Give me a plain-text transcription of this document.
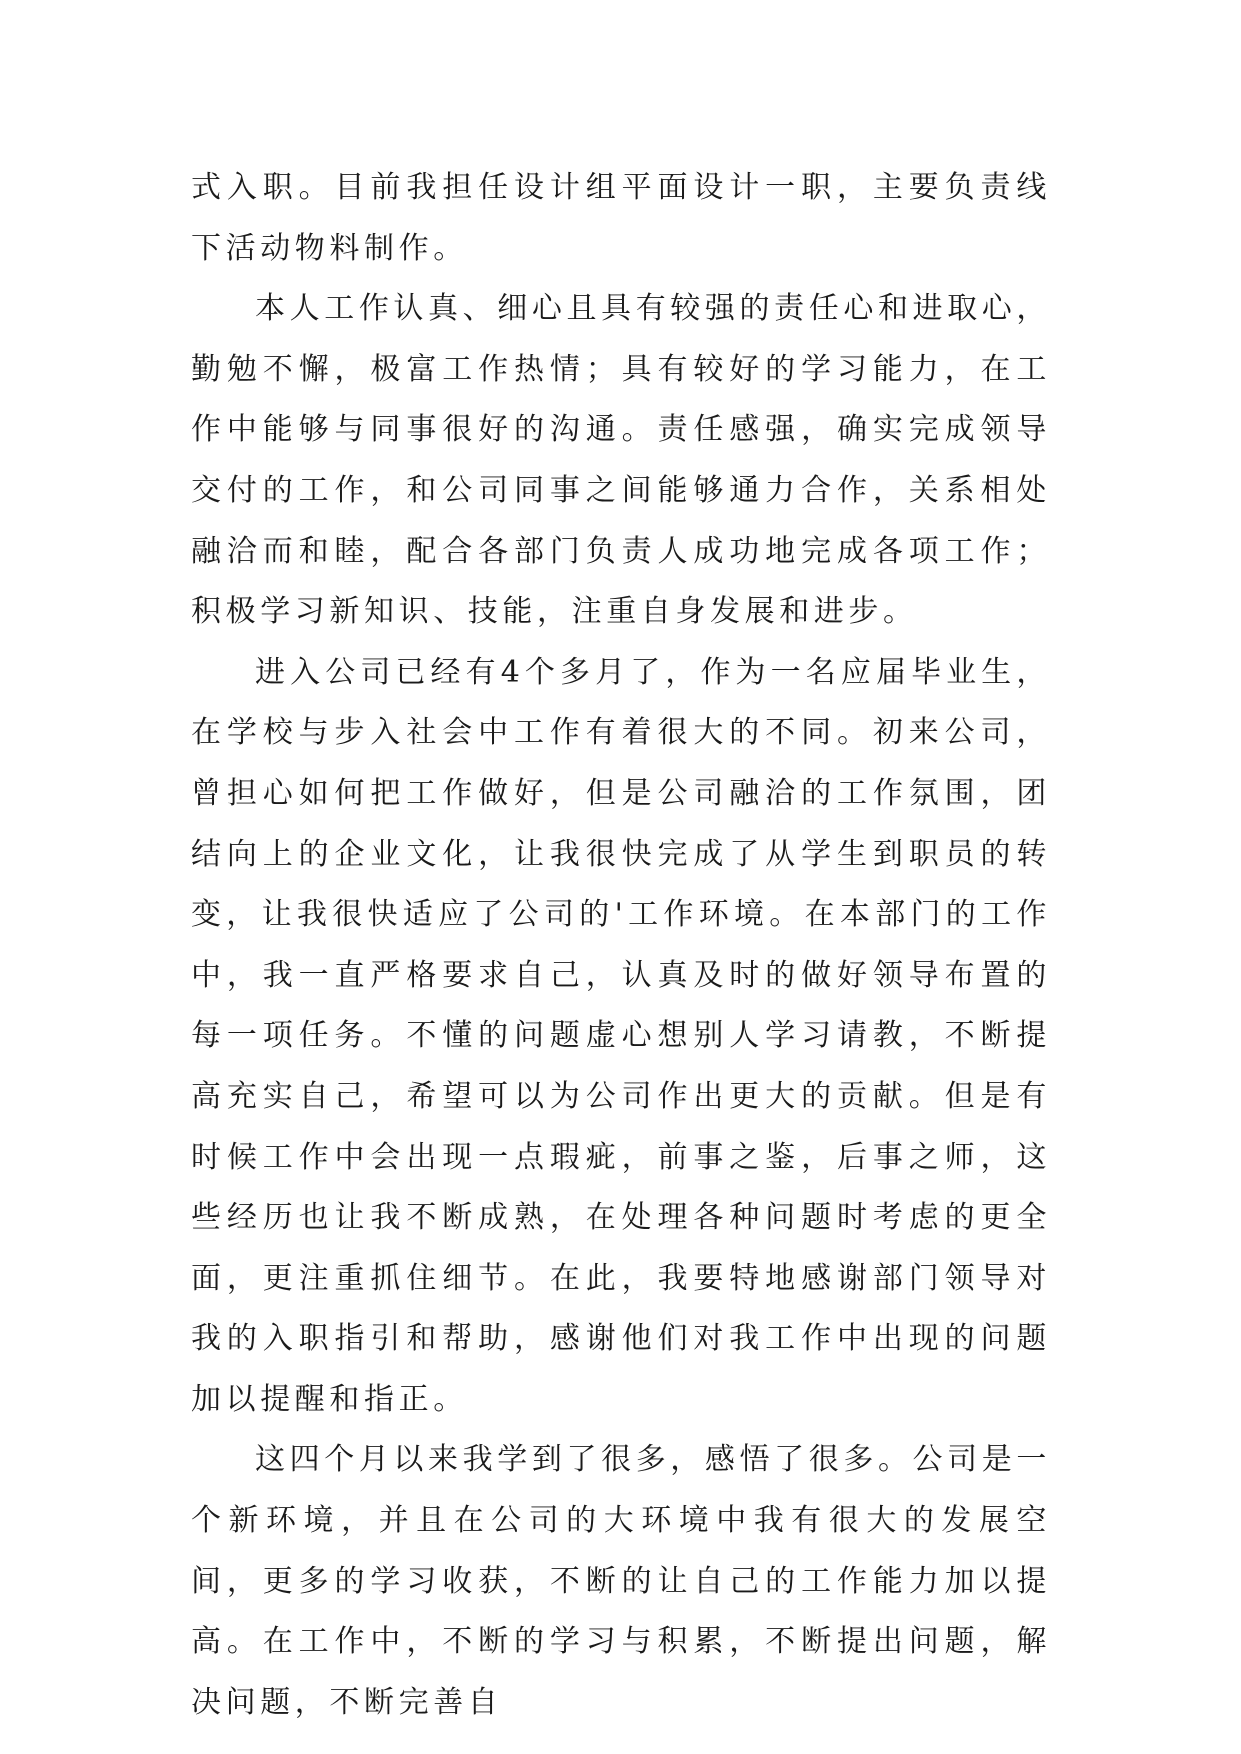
式入职。目前我担任设计组平面设计一职，主要负责线下活动物料制作。

本人工作认真、细心且具有较强的责任心和进取心，勤勉不懈，极富工作热情；具有较好的学习能力，在工作中能够与同事很好的沟通。责任感强，确实完成领导交付的工作，和公司同事之间能够通力合作，关系相处融洽而和睦，配合各部门负责人成功地完成各项工作；积极学习新知识、技能，注重自身发展和进步。

进入公司已经有4个多月了，作为一名应届毕业生，在学校与步入社会中工作有着很大的不同。初来公司，曾担心如何把工作做好，但是公司融洽的工作氛围，团结向上的企业文化，让我很快完成了从学生到职员的转变，让我很快适应了公司的'工作环境。在本部门的工作中，我一直严格要求自己，认真及时的做好领导布置的每一项任务。不懂的问题虚心想别人学习请教，不断提高充实自己，希望可以为公司作出更大的贡献。但是有时候工作中会出现一点瑕疵，前事之鉴，后事之师，这些经历也让我不断成熟，在处理各种问题时考虑的更全面，更注重抓住细节。在此，我要特地感谢部门领导对我的入职指引和帮助，感谢他们对我工作中出现的问题加以提醒和指正。

这四个月以来我学到了很多，感悟了很多。公司是一个新环境，并且在公司的大环境中我有很大的发展空间，更多的学习收获，不断的让自己的工作能力加以提高。在工作中，不断的学习与积累，不断提出问题，解决问题，不断完善自
